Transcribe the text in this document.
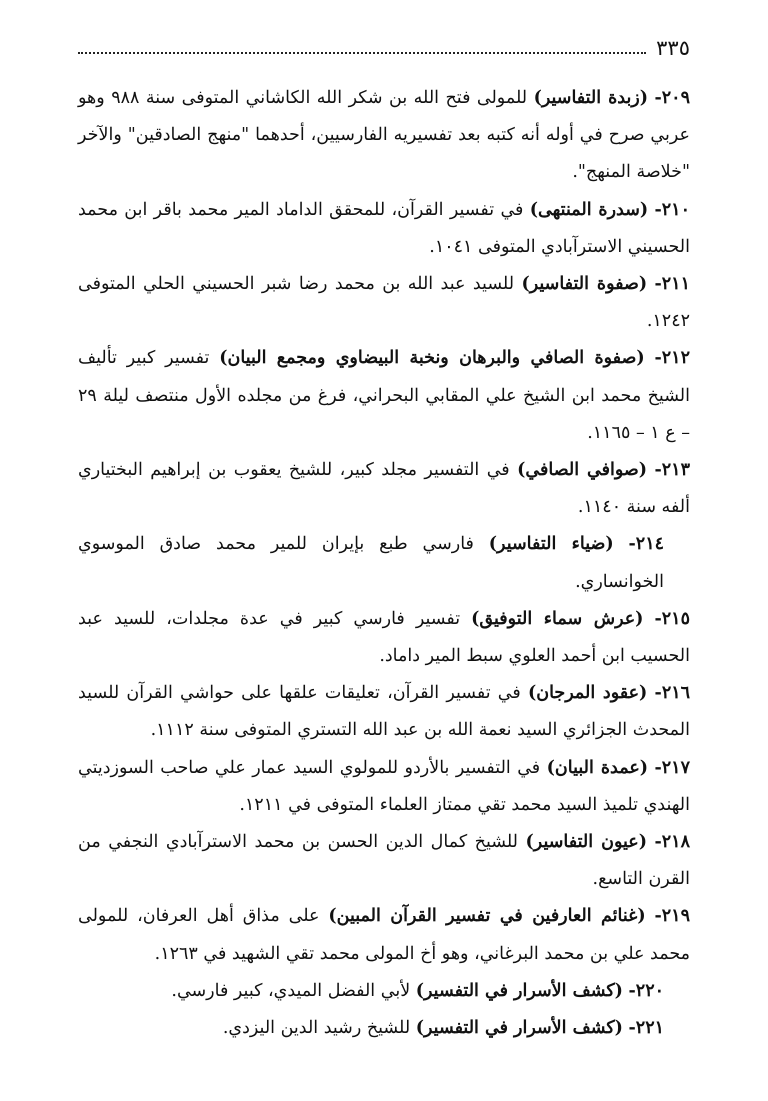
٣٣٥
٢٠٩- (زبدة التفاسير) للمولى فتح الله بن شكر الله الكاشاني المتوفى سنة ٩٨٨ وهو عربي صرح في أوله أنه كتبه بعد تفسيريه الفارسيين، أحدهما "منهج الصادقين" والآخر "خلاصة المنهج".
٢١٠- (سدرة المنتهى) في تفسير القرآن، للمحقق الداماد المير محمد باقر ابن محمد الحسيني الاسترآبادي المتوفى ١٠٤١.
٢١١- (صفوة التفاسير) للسيد عبد الله بن محمد رضا شبر الحسيني الحلي المتوفى ١٢٤٢.
٢١٢- (صفوة الصافي والبرهان ونخبة البيضاوي ومجمع البيان) تفسير كبير تأليف الشيخ محمد ابن الشيخ علي المقابي البحراني، فرغ من مجلده الأول منتصف ليلة ٢٩ – ع ١ – ١١٦٥.
٢١٣- (صوافي الصافي) في التفسير مجلد كبير، للشيخ يعقوب بن إبراهيم البختياري ألفه سنة ١١٤٠.
٢١٤- (ضياء التفاسير) فارسي طبع بإيران للمير محمد صادق الموسوي الخوانساري.
٢١٥- (عرش سماء التوفيق) تفسير فارسي كبير في عدة مجلدات، للسيد عبد الحسيب ابن أحمد العلوي سبط المير داماد.
٢١٦- (عقود المرجان) في تفسير القرآن، تعليقات علقها على حواشي القرآن للسيد المحدث الجزائري السيد نعمة الله بن عبد الله التستري المتوفى سنة ١١١٢.
٢١٧- (عمدة البيان) في التفسير بالأردو للمولوي السيد عمار علي صاحب السوزديتي الهندي تلميذ السيد محمد تقي ممتاز العلماء المتوفى في ١٢١١.
٢١٨- (عيون التفاسير) للشيخ كمال الدين الحسن بن محمد الاسترآبادي النجفي من القرن التاسع.
٢١٩- (غنائم العارفين في تفسير القرآن المبين) على مذاق أهل العرفان، للمولى محمد علي بن محمد البرغاني، وهو أخ المولى محمد تقي الشهيد في ١٢٦٣.
٢٢٠- (كشف الأسرار في التفسير) لأبي الفضل الميدي، كبير فارسي.
٢٢١- (كشف الأسرار في التفسير) للشيخ رشيد الدين اليزدي.
